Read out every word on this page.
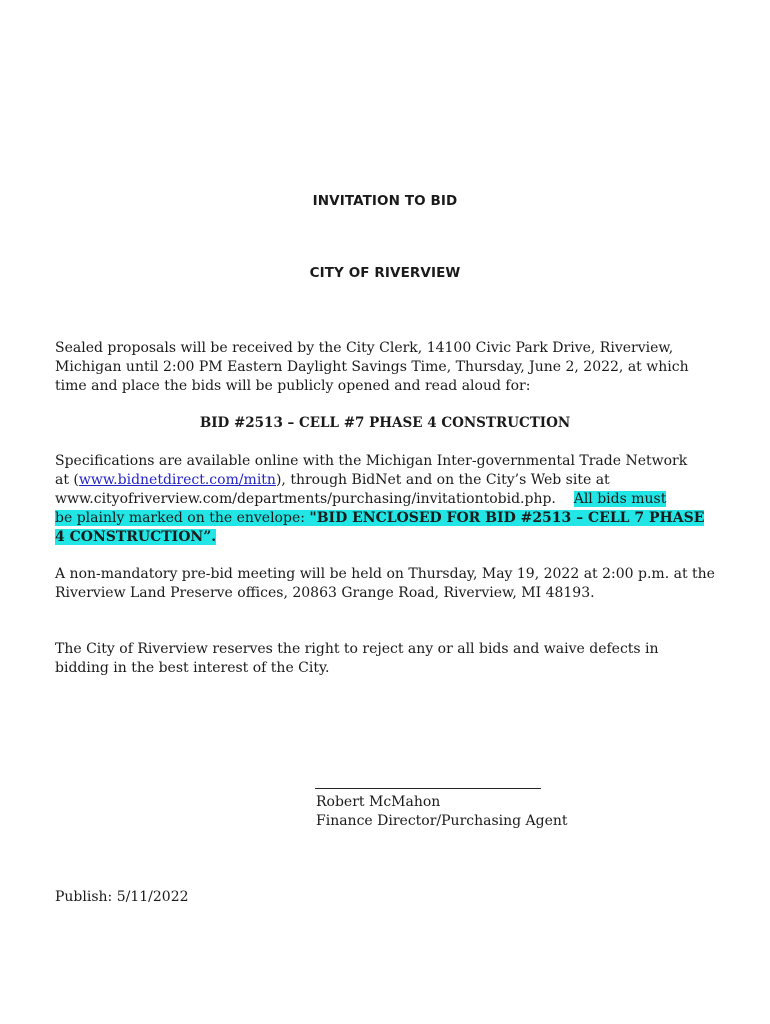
INVITATION TO BID
CITY OF RIVERVIEW

Sealed proposals will be received by the City Clerk, 14100 Civic Park Drive, Riverview, Michigan until 2:00 PM Eastern Daylight Savings Time, Thursday, June 2, 2022, at which time and place the bids will be publicly opened and read aloud for:

BID #2513 – CELL #7 PHASE 4 CONSTRUCTION
Specifications are available online with the Michigan Inter-governmental Trade Network
at (www.bidnetdirect.com/mitn), through BidNet and on the City’s Web site at
www.cityofriverview.com/departments/purchasing/invitationtobid.php. All bids must
be plainly marked on the envelope: "BID ENCLOSED FOR BID #2513 – CELL 7 PHASE
4 CONSTRUCTION”.

A non-mandatory pre-bid meeting will be held on Thursday, May 19, 2022 at 2:00 p.m. at the Riverview Land Preserve offices, 20863 Grange Road, Riverview, MI 48193.

The City of Riverview reserves the right to reject any or all bids and waive defects in bidding in the best interest of the City.

Robert McMahon
Finance Director/Purchasing Agent
Publish: 5/11/2022
